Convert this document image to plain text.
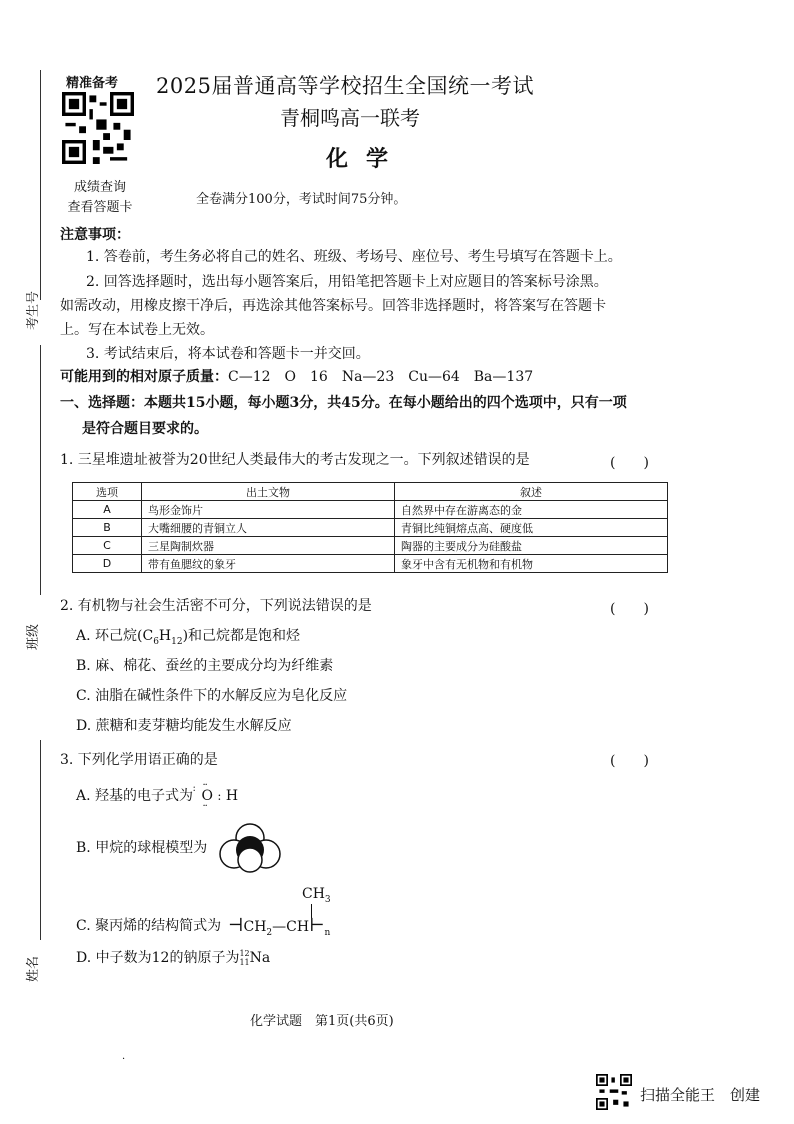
精准备考
成绩查询
查看答题卡
考生号
班级
姓名
2025届普通高等学校招生全国统一考试
青桐鸣高一联考
化学
全卷满分100分，考试时间75分钟。
注意事项：
1. 答卷前，考生务必将自己的姓名、班级、考场号、座位号、考生号填写在答题卡上。
2. 回答选择题时，选出每小题答案后，用铅笔把答题卡上对应题目的答案标号涂黑。
如需改动，用橡皮擦干净后，再选涂其他答案标号。回答非选择题时，将答案写在答题卡
上。写在本试卷上无效。
3. 考试结束后，将本试卷和答题卡一并交回。
可能用到的相对原子质量：C—12　O　16　Na—23　Cu—64　Ba—137
一、选择题：本题共15小题，每小题3分，共45分。在每小题给出的四个选项中，只有一项
是符合题目要求的。
1. 三星堆遗址被誉为20世纪人类最伟大的考古发现之一。下列叙述错误的是	(　　)
选项	出土文物	叙述
A	鸟形金饰片	自然界中存在游离态的金
B	大嘴细腰的青铜立人	青铜比纯铜熔点高、硬度低
C	三星陶制炊器	陶器的主要成分为硅酸盐
D	带有鱼腮纹的象牙	象牙中含有无机物和有机物
2. 有机物与社会生活密不可分，下列说法错误的是	(　　)
A. 环己烷$(C_6H_{12})$和己烷都是饱和烃
B. 麻、棉花、蚕丝的主要成分均为纤维素
C. 油脂在碱性条件下的水解反应为皂化反应
D. 蔗糖和麦芽糖均能发生水解反应
3. 下列化学用语正确的是	(　　)
A. 羟基的电子式为 : ··
··
O : H
B. 甲烷的球棍模型为
C. 聚丙烯的结构简式为 $⊣CH_2—CH⊢_n$
$CH_3$
D. 中子数为12的钠原子为 12
11 Na
化学试题　第1页(共6页)
·
扫描全能王　创建
